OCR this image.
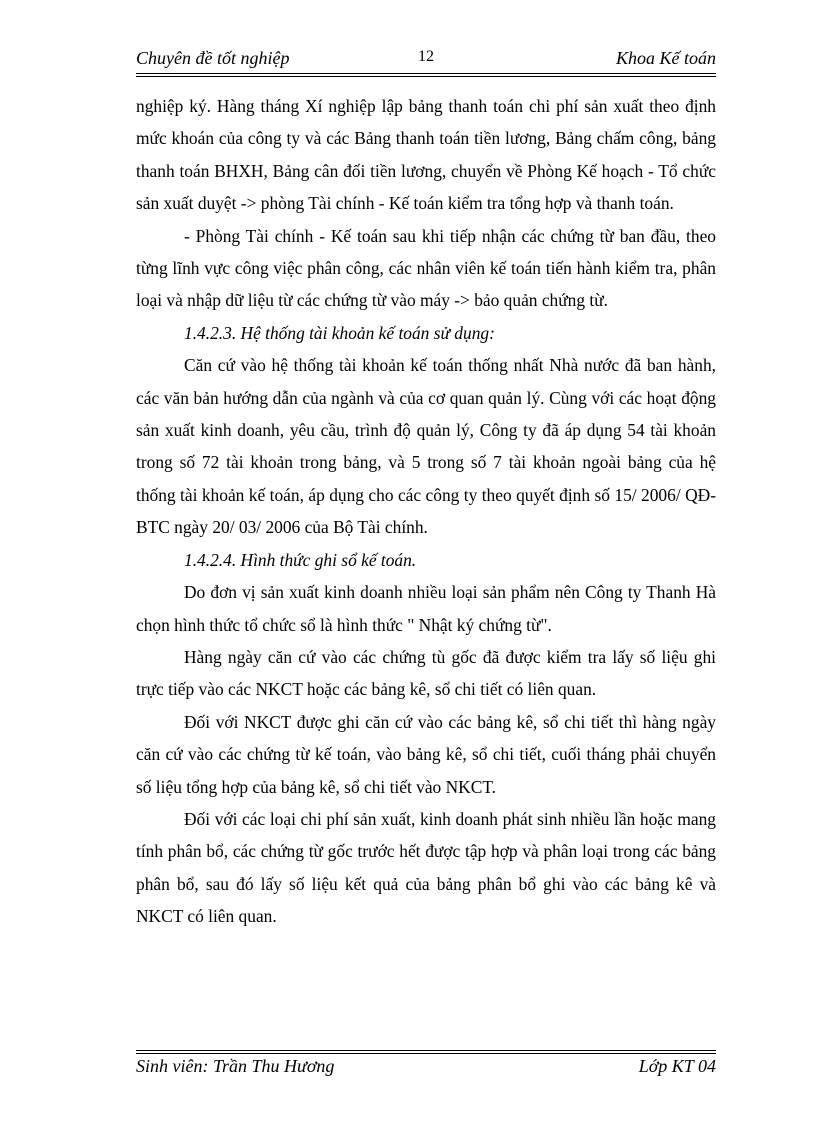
Chuyên đề tốt nghiệp	12	Khoa Kế toán

nghiệp ký. Hàng tháng Xí nghiệp lập bảng thanh toán chi phí sản xuất theo định mức khoán của công ty và các Bảng thanh toán tiền lương, Bảng chấm công, bảng thanh toán BHXH, Bảng cân đối tiền lương, chuyển về Phòng Kế hoạch - Tổ chức sản xuất duyệt -> phòng Tài chính - Kế toán kiểm tra tổng hợp và thanh toán.

- Phòng Tài chính - Kế toán sau khi tiếp nhận các chứng từ ban đầu, theo từng lĩnh vực công việc phân công, các nhân viên kế toán tiến hành kiểm tra, phân loại và nhập dữ liệu từ các chứng từ vào máy -> bảo quản chứng từ.

1.4.2.3. Hệ thống tài khoản kế toán sử dụng:

Căn cứ vào hệ thống tài khoản kế toán thống nhất Nhà nước đã ban hành, các văn bản hướng dẫn của ngành và của cơ quan quản lý. Cùng với các hoạt động sản xuất kinh doanh, yêu cầu, trình độ quản lý, Công ty đã áp dụng 54 tài khoản trong số 72 tài khoản trong bảng, và 5 trong số 7 tài khoản ngoài bảng của hệ thống tài khoản kế toán, áp dụng cho các công ty theo quyết định số 15/ 2006/ QĐ-BTC ngày 20/ 03/ 2006 của Bộ Tài chính.

1.4.2.4. Hình thức ghi sổ kế toán.

Do đơn vị sản xuất kinh doanh nhiều loại sản phẩm nên Công ty Thanh Hà chọn hình thức tổ chức sổ là hình thức " Nhật ký chứng từ".

Hàng ngày căn cứ vào các chứng tù gốc đã được kiểm tra lấy số liệu ghi trực tiếp vào các NKCT hoặc các bảng kê, sổ chi tiết có liên quan.

Đối với NKCT được ghi căn cứ vào các bảng kê, sổ chi tiết thì hàng ngày căn cứ vào các chứng từ kế toán, vào bảng kê, sổ chi tiết, cuối tháng phải chuyển số liệu tổng hợp của bảng kê, sổ chi tiết vào NKCT.

Đối với các loại chi phí sản xuất, kinh doanh phát sinh nhiều lần hoặc mang tính phân bổ, các chứng từ gốc trước hết được tập hợp và phân loại trong các bảng phân bổ, sau đó lấy số liệu kết quả của bảng phân bổ ghi vào các bảng kê và NKCT có liên quan.

Sinh viên: Trần Thu Hương	Lớp KT 04
